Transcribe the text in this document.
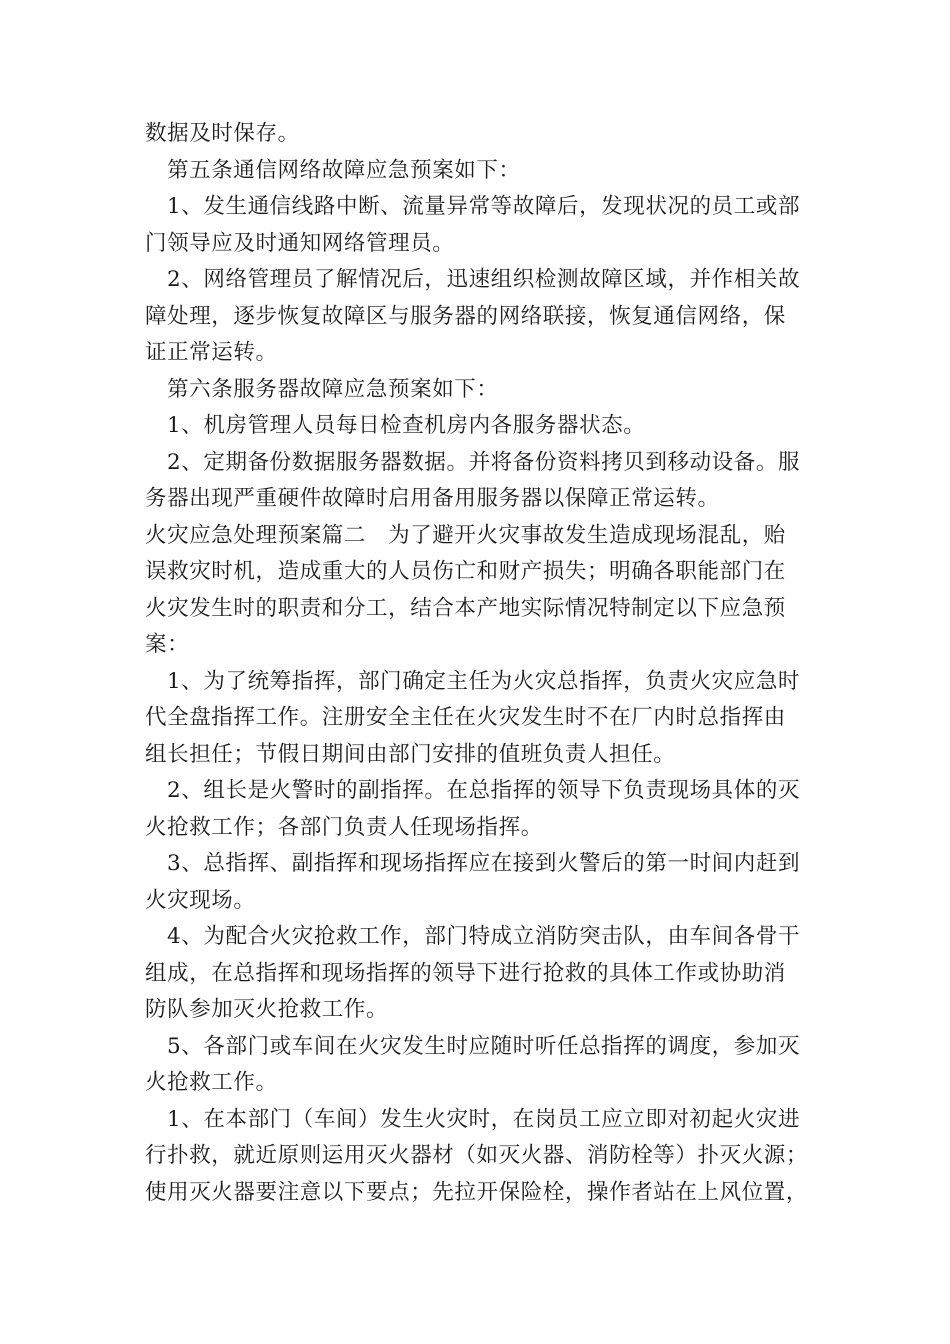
数据及时保存。

第五条通信网络故障应急预案如下：

1、发生通信线路中断、流量异常等故障后，发现状况的员工或部

门领导应及时通知网络管理员。

2、网络管理员了解情况后，迅速组织检测故障区域，并作相关故

障处理，逐步恢复故障区与服务器的网络联接，恢复通信网络，保

证正常运转。

第六条服务器故障应急预案如下：

1、机房管理人员每日检查机房内各服务器状态。

2、定期备份数据服务器数据。并将备份资料拷贝到移动设备。服

务器出现严重硬件故障时启用备用服务器以保障正常运转。

火灾应急处理预案篇二　为了避开火灾事故发生造成现场混乱，贻

误救灾时机，造成重大的人员伤亡和财产损失；明确各职能部门在

火灾发生时的职责和分工，结合本产地实际情况特制定以下应急预

案：

1、为了统筹指挥，部门确定主任为火灾总指挥，负责火灾应急时

代全盘指挥工作。注册安全主任在火灾发生时不在厂内时总指挥由

组长担任；节假日期间由部门安排的值班负责人担任。

2、组长是火警时的副指挥。在总指挥的领导下负责现场具体的灭

火抢救工作；各部门负责人任现场指挥。

3、总指挥、副指挥和现场指挥应在接到火警后的第一时间内赶到

火灾现场。

4、为配合火灾抢救工作，部门特成立消防突击队，由车间各骨干

组成，在总指挥和现场指挥的领导下进行抢救的具体工作或协助消

防队参加灭火抢救工作。

5、各部门或车间在火灾发生时应随时听任总指挥的调度，参加灭

火抢救工作。

1、在本部门（车间）发生火灾时，在岗员工应立即对初起火灾进

行扑救，就近原则运用灭火器材（如灭火器、消防栓等）扑灭火源；

使用灭火器要注意以下要点；先拉开保险栓，操作者站在上风位置，
